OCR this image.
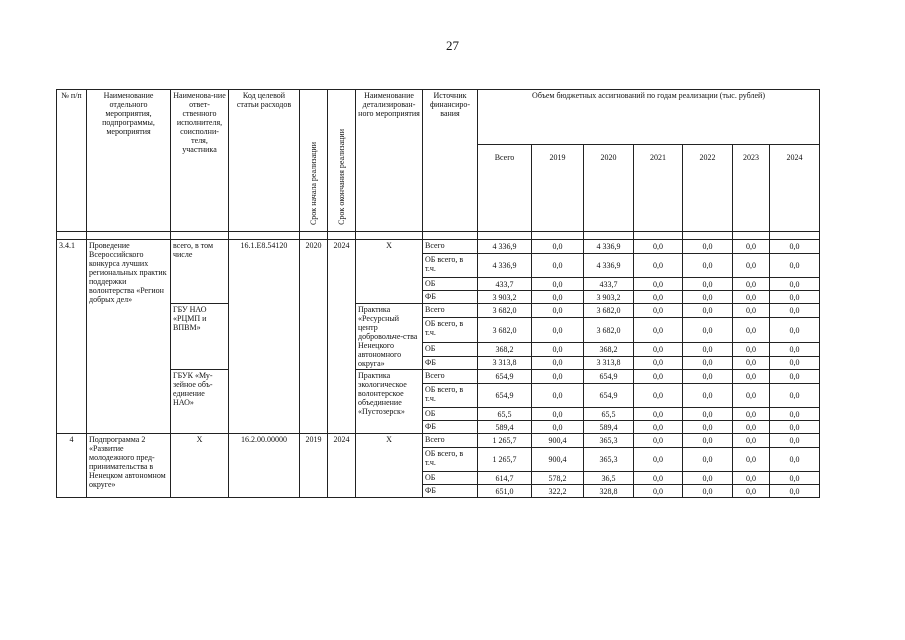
27
№ п/п	Наименование отдельного мероприятия, подпрограммы, мероприятия	Наименова-ние ответ-ственного исполнителя, соисполни-теля, участника	Код целевой статьи расходов	Срок начала реализации	Срок окончания реализации	Наименование детализирован-ного мероприятия	Источник финансиро-вания	Объем бюджетных ассигнований по годам реализации (тыс. рублей)						
								Всего	2019	2020	2021	2022	2023	2024

3.4.1	Проведение Всероссийского конкурса лучших региональных практик поддержки волонтерства «Регион добрых дел»	всего, в том числе	16.1.Е8.54120	2020	2024	Х	Всего	4 336,9	0,0	4 336,9	0,0	0,0	0,0	0,0
							ОБ всего, в т.ч.	4 336,9	0,0	4 336,9	0,0	0,0	0,0	0,0
							ОБ	433,7	0,0	433,7	0,0	0,0	0,0	0,0
							ФБ	3 903,2	0,0	3 903,2	0,0	0,0	0,0	0,0
		ГБУ НАО «РЦМП и ВПВМ»				Практика «Ресурсный центр добровольче-ства Ненецкого автономного округа»	Всего	3 682,0	0,0	3 682,0	0,0	0,0	0,0	0,0
							ОБ всего, в т.ч.	3 682,0	0,0	3 682,0	0,0	0,0	0,0	0,0
							ОБ	368,2	0,0	368,2	0,0	0,0	0,0	0,0
							ФБ	3 313,8	0,0	3 313,8	0,0	0,0	0,0	0,0
		ГБУК «Му-зейное объ-единение НАО»				Практика экологическое волонтерское объединение «Пустозерск»	Всего	654,9	0,0	654,9	0,0	0,0	0,0	0,0
							ОБ всего, в т.ч.	654,9	0,0	654,9	0,0	0,0	0,0	0,0
							ОБ	65,5	0,0	65,5	0,0	0,0	0,0	0,0
							ФБ	589,4	0,0	589,4	0,0	0,0	0,0	0,0
4	Подпрограмма 2 «Развитие молодежного пред-принимательства в Ненецком автономном округе»	Х	16.2.00.00000	2019	2024	Х	Всего	1 265,7	900,4	365,3	0,0	0,0	0,0	0,0
							ОБ всего, в т.ч.	1 265,7	900,4	365,3	0,0	0,0	0,0	0,0
							ОБ	614,7	578,2	36,5	0,0	0,0	0,0	0,0
							ФБ	651,0	322,2	328,8	0,0	0,0	0,0	0,0
